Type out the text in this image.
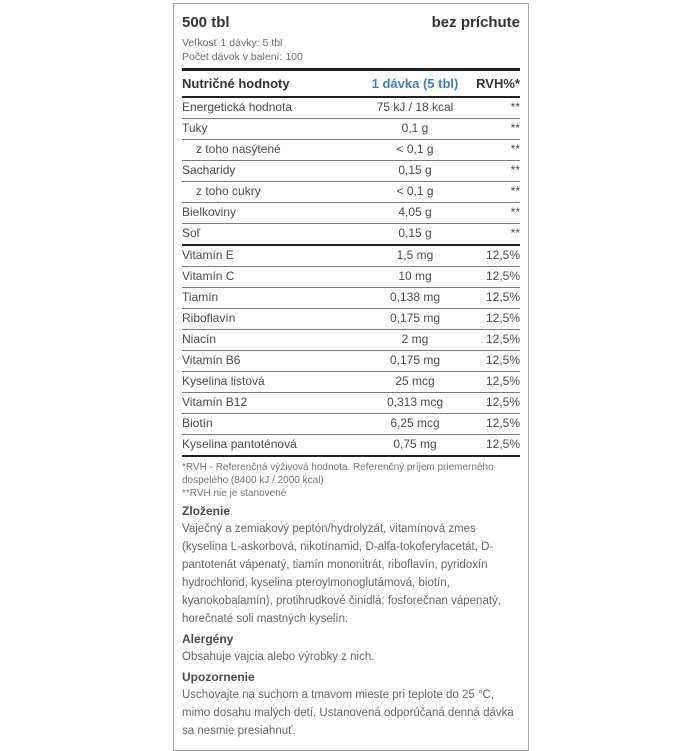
500 tbl	bez príchute
Veľkosť 1 dávky: 5 tbl
Počet dávok v balení: 100
Nutričné hodnoty	1 dávka (5 tbl)	RVH%*
Energetická hodnota	75 kJ / 18 kcal	**
Tuky	0,1 g	**
z toho nasýtené	< 0,1 g	**
Sacharidy	0,15 g	**
z toho cukry	< 0,1 g	**
Bielkoviny	4,05 g	**
Soľ	0,15 g	**
Vitamín E	1,5 mg	12,5%
Vitamín C	10 mg	12,5%
Tiamín	0,138 mg	12,5%
Riboflavín	0,175 mg	12,5%
Niacín	2 mg	12,5%
Vitamín B6	0,175 mg	12,5%
Kyselina listová	25 mcg	12,5%
Vitamín B12	0,313 mcg	12,5%
Biotín	6,25 mcg	12,5%
Kyselina pantoténová	0,75 mg	12,5%

*RVH - Referenčná výživová hodnota. Referenčný príjem priemerného dospelého (8400 kJ / 2000 kcal)

**RVH nie je stanovené

Zloženie

Vaječný a zemiakový peptón/hydrolyzát, vitamínová zmes (kyselina L-askorbová, nikotínamid, D-alfa-tokoferylacetát, D-pantotenát vápenatý, tiamín mononitrát, riboflavín, pyridoxín hydrochlorid, kyselina pteroylmonoglutámová, biotín, kyanokobalamín), protihrudkové činidlá: fosforečnan vápenatý, horečnaté soli mastných kyselín.

Alergény

Obsahuje vajcia alebo výrobky z nich.

Upozornenie

Uschovajte na suchom a tmavom mieste pri teplote do 25 °C, mimo dosahu malých detí. Ustanovená odporúčaná denná dávka sa nesmie presiahnuť.
